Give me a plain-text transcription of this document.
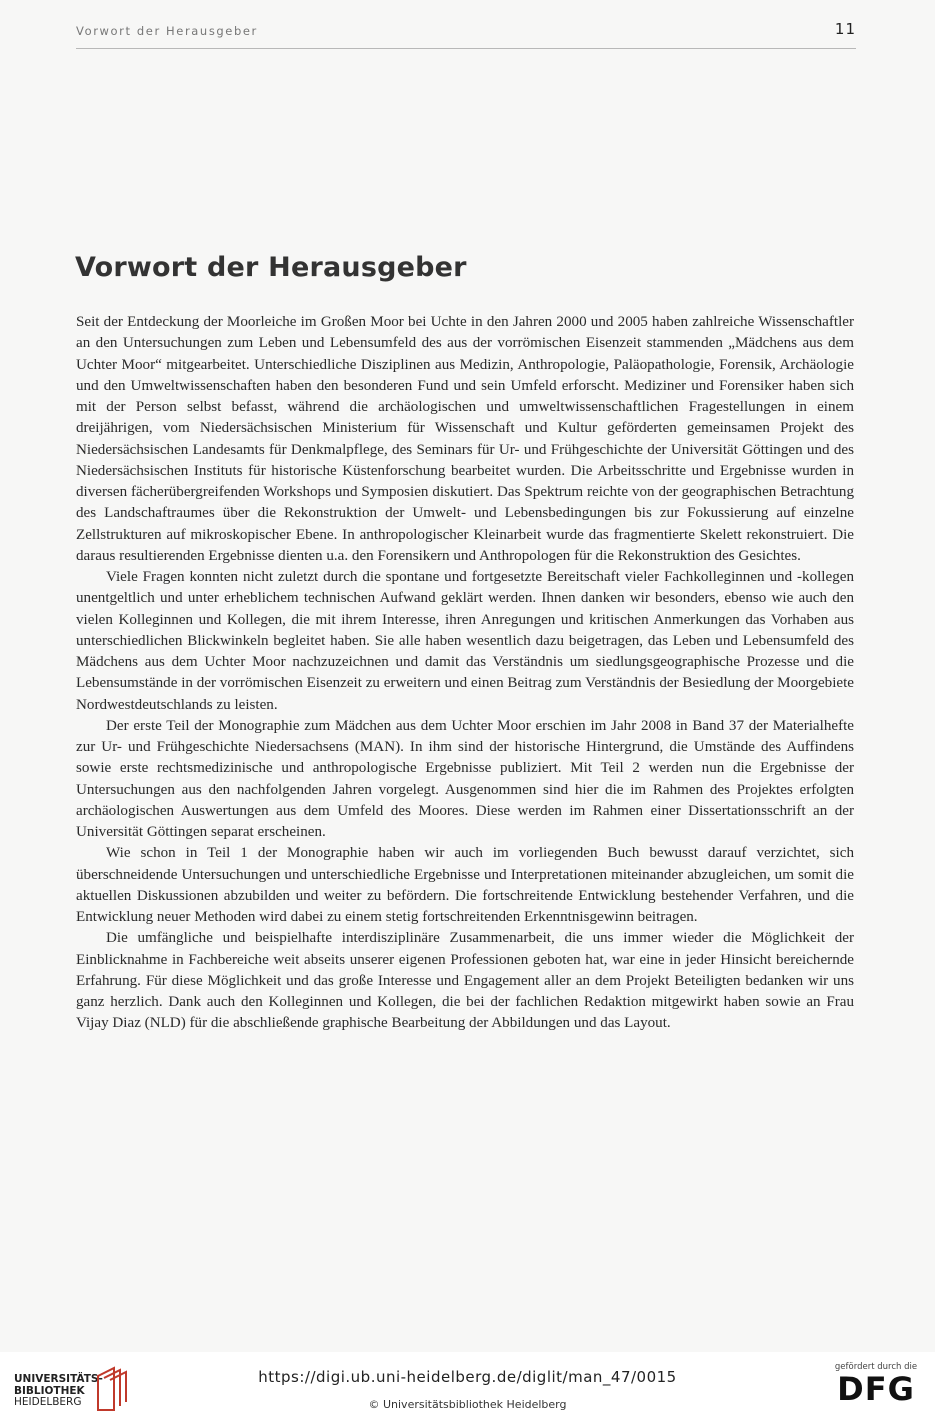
Vorwort der Herausgeber	11
Vorwort der Herausgeber

Seit der Entdeckung der Moorleiche im Großen Moor bei Uchte in den Jahren 2000 und 2005 haben zahlreiche Wissenschaftler an den Untersuchungen zum Leben und Lebensumfeld des aus der vorrömischen Eisenzeit stammenden „Mädchens aus dem Uchter Moor“ mitgearbeitet. Unterschiedliche Disziplinen aus Medizin, Anthropologie, Paläopathologie, Forensik, Archäologie und den Umweltwissenschaften haben den besonderen Fund und sein Umfeld erforscht. Mediziner und Forensiker haben sich mit der Person selbst befasst, während die archäologischen und umweltwissenschaftlichen Fragestellungen in einem dreijährigen, vom Niedersächsischen Ministerium für Wissenschaft und Kultur geförderten gemeinsamen Projekt des Niedersächsischen Landesamts für Denkmalpflege, des Seminars für Ur- und Frühgeschichte der Universität Göttingen und des Niedersächsischen Instituts für historische Küstenforschung bearbeitet wurden. Die Arbeitsschritte und Ergebnisse wurden in diversen fächerübergreifenden Workshops und Symposien diskutiert. Das Spektrum reichte von der geographischen Betrachtung des Landschaftraumes über die Rekonstruktion der Umwelt- und Lebensbedingungen bis zur Fokussierung auf einzelne Zellstrukturen auf mikroskopischer Ebene. In anthropologischer Kleinarbeit wurde das fragmentierte Skelett rekonstruiert. Die daraus resultierenden Ergebnisse dienten u.a. den Forensikern und Anthropologen für die Rekonstruktion des Gesichtes.

Viele Fragen konnten nicht zuletzt durch die spontane und fortgesetzte Bereitschaft vieler Fachkolleginnen und -kollegen unentgeltlich und unter erheblichem technischen Aufwand geklärt werden. Ihnen danken wir besonders, ebenso wie auch den vielen Kolleginnen und Kollegen, die mit ihrem Interesse, ihren Anregungen und kritischen Anmerkungen das Vorhaben aus unterschiedlichen Blickwinkeln begleitet haben. Sie alle haben wesentlich dazu beigetragen, das Leben und Lebensumfeld des Mädchens aus dem Uchter Moor nachzuzeichnen und damit das Verständnis um siedlungsgeographische Prozesse und die Lebensumstände in der vorrömischen Eisenzeit zu erweitern und einen Beitrag zum Verständnis der Besiedlung der Moorgebiete Nordwestdeutschlands zu leisten.

Der erste Teil der Monographie zum Mädchen aus dem Uchter Moor erschien im Jahr 2008 in Band 37 der Materialhefte zur Ur- und Frühgeschichte Niedersachsens (MAN). In ihm sind der historische Hintergrund, die Umstände des Auffindens sowie erste rechtsmedizinische und anthropologische Ergebnisse publiziert. Mit Teil 2 werden nun die Ergebnisse der Untersuchungen aus den nachfolgenden Jahren vorgelegt. Ausgenommen sind hier die im Rahmen des Projektes erfolgten archäologischen Auswertungen aus dem Umfeld des Moores. Diese werden im Rahmen einer Dissertationsschrift an der Universität Göttingen separat erscheinen.

Wie schon in Teil 1 der Monographie haben wir auch im vorliegenden Buch bewusst darauf verzichtet, sich überschneidende Untersuchungen und unterschiedliche Ergebnisse und Interpretationen miteinander abzugleichen, um somit die aktuellen Diskussionen abzubilden und weiter zu befördern. Die fortschreitende Entwicklung bestehender Verfahren, und die Entwicklung neuer Methoden wird dabei zu einem stetig fortschreitenden Erkenntnisgewinn beitragen.

Die umfängliche und beispielhafte interdisziplinäre Zusammenarbeit, die uns immer wieder die Möglichkeit der Einblicknahme in Fachbereiche weit abseits unserer eigenen Professionen geboten hat, war eine in jeder Hinsicht bereichernde Erfahrung. Für diese Möglichkeit und das große Interesse und Engagement aller an dem Projekt Beteiligten bedanken wir uns ganz herzlich. Dank auch den Kolleginnen und Kollegen, die bei der fachlichen Redaktion mitgewirkt haben sowie an Frau Vijay Diaz (NLD) für die abschließende graphische Bearbeitung der Abbildungen und das Layout.

UNIVERSITÄTS-
BIBLIOTHEK
HEIDELBERG
https://digi.ub.uni-heidelberg.de/diglit/man_47/0015
© Universitätsbibliothek Heidelberg
gefördert durch die
DFG
